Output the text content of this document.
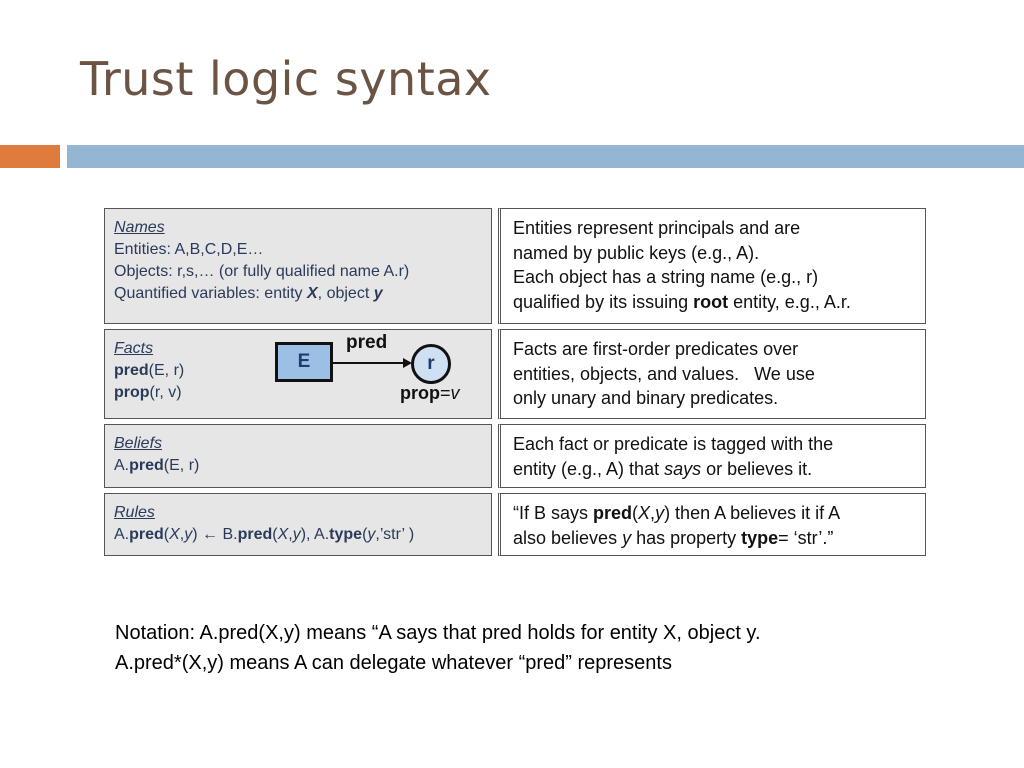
Trust logic syntax
Names
Entities: A,B,C,D,E…
Objects: r,s,… (or fully qualified name A.r)
Quantified variables: entity X, object y
Entities represent principals and are
named by public keys (e.g., A).
Each object has a string name (e.g., r)
qualified by its issuing root entity, e.g., A.r.
Facts
pred(E, r)
prop(r, v)
E
pred
r
prop=v
Facts are first-order predicates over
entities, objects, and values.   We use
only unary and binary predicates.
Beliefs
A.pred(E, r)
Each fact or predicate is tagged with the
entity (e.g., A) that says or believes it.
Rules
A.pred(X,y) ← B.pred(X,y), A.type(y,’str’ )
“If B says pred(X,y) then A believes it if A
also believes y has property type= ‘str’.”
Notation: A.pred(X,y) means “A says that pred holds for entity X, object y.
A.pred*(X,y) means A can delegate whatever “pred” represents
